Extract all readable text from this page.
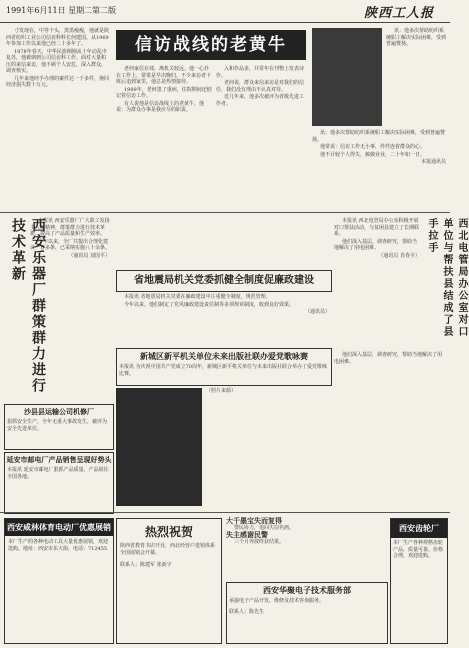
1991年6月11日 星期二 第二版	陕西工人报
信访战线的老黄牛

寸发现在，中等个头，黑黑瘦瘦，他就是陕西省纺织工业公司信访科科长何建国。从1969年参加工作以来他已经二十多年了。

1978年春天，中华民族刚刚从十年动乱中复苏，他被调到公司信访科工作。面对大量积压的来信来访，他不顾个人安危，深入群众，调查核实。

几年来他经手办理的案件达一千多件，挽回经济损失数十万元。

老何家住在郊，离机关较远。他一心扑在工作上，常常是早出晚归。不少来访者下班后追到家里，他总是热情接待。

1989年，老何患了重病，住院期间还惦记着信访工作。

有人说他是信访战线上的老黄牛，他说：为群众办事是我应尽的职责。

入和作品多，并常年在刊物上发表诗作。

老何说，群众来信来访是对我们的信任，我们没有理由不认真对待。

近几年来，他多次被评为省级先进工作者。

讯：他多次帮助纺织系统职工解决实际困难，受到普遍赞扬。

他常说：信访工作无小事，件件连着群众的心。

他不计较个人得失，兢兢业业，二十年如一日。

本报通讯员

讯：他多次帮助纺织系统职工解决实际困难，受到普遍赞扬。

西安乐器厂群策群力进行技术革新	本报讯 西安乐器厂广大职工发扬主人翁精神，群策群力进行技术革新，提高了产品质量和生产效率。

今年以来，全厂共提出合理化建议一百多条，已采纳实施八十余条。

（通讯员 刘国平）
沙县县运输公司机修厂
狠抓安全生产，全年无重大事故发生，被评为安全先进单位。
延安市邮电厂产品销售呈现好势头
本报讯 延安市邮电厂狠抓产品质量，产品销往全国各地。
省地震局机关党委抓健全制度促廉政建设

本报讯 省地震局机关党委在廉政建设中注重健全制度，规范管理。

今年以来，他们制定了党风廉政建设责任制等多项规章制度，收到良好效果。

（通讯员）
新城区新平机关单位未来出版社联办爱党歌咏赛
本报讯 为庆祝中国共产党成立70周年，新城区新平机关单位与未来出版社联合举办了爱党歌咏比赛。
（照片来源）
西北电管局办公室对口单位与帮扶县结成了县手拉手

本报讯 西北电管局办公室积极开展对口帮扶活动，与贫困县建立了长期联系。

他们深入基层，调查研究，帮助当地解决了用电困难。

（通讯员 肖春全）

他们深入基层，调查研究，帮助当地解决了用电困难。

西安咸林体育电动厂优惠展销
本厂生产的各种电动工具大量优惠展销，欢迎选购。地址：西安市东大街，电话：712455
热烈祝贺
陕西省教育书店开业，西北经营户进销体系全国展销会开幕。
联系人：陈建军 张新宇
大千墨宝失而复得

警民协力，追回失窃名画。

失主感谢民警

三个月奔波终获结果。

西安华聚电子技术服务部
承接电子产品开发、维修及技术咨询服务。
联系人：陈先生
西安齿轮厂
本厂生产各种规格齿轮产品，质量可靠，价格合理，欢迎选购。
